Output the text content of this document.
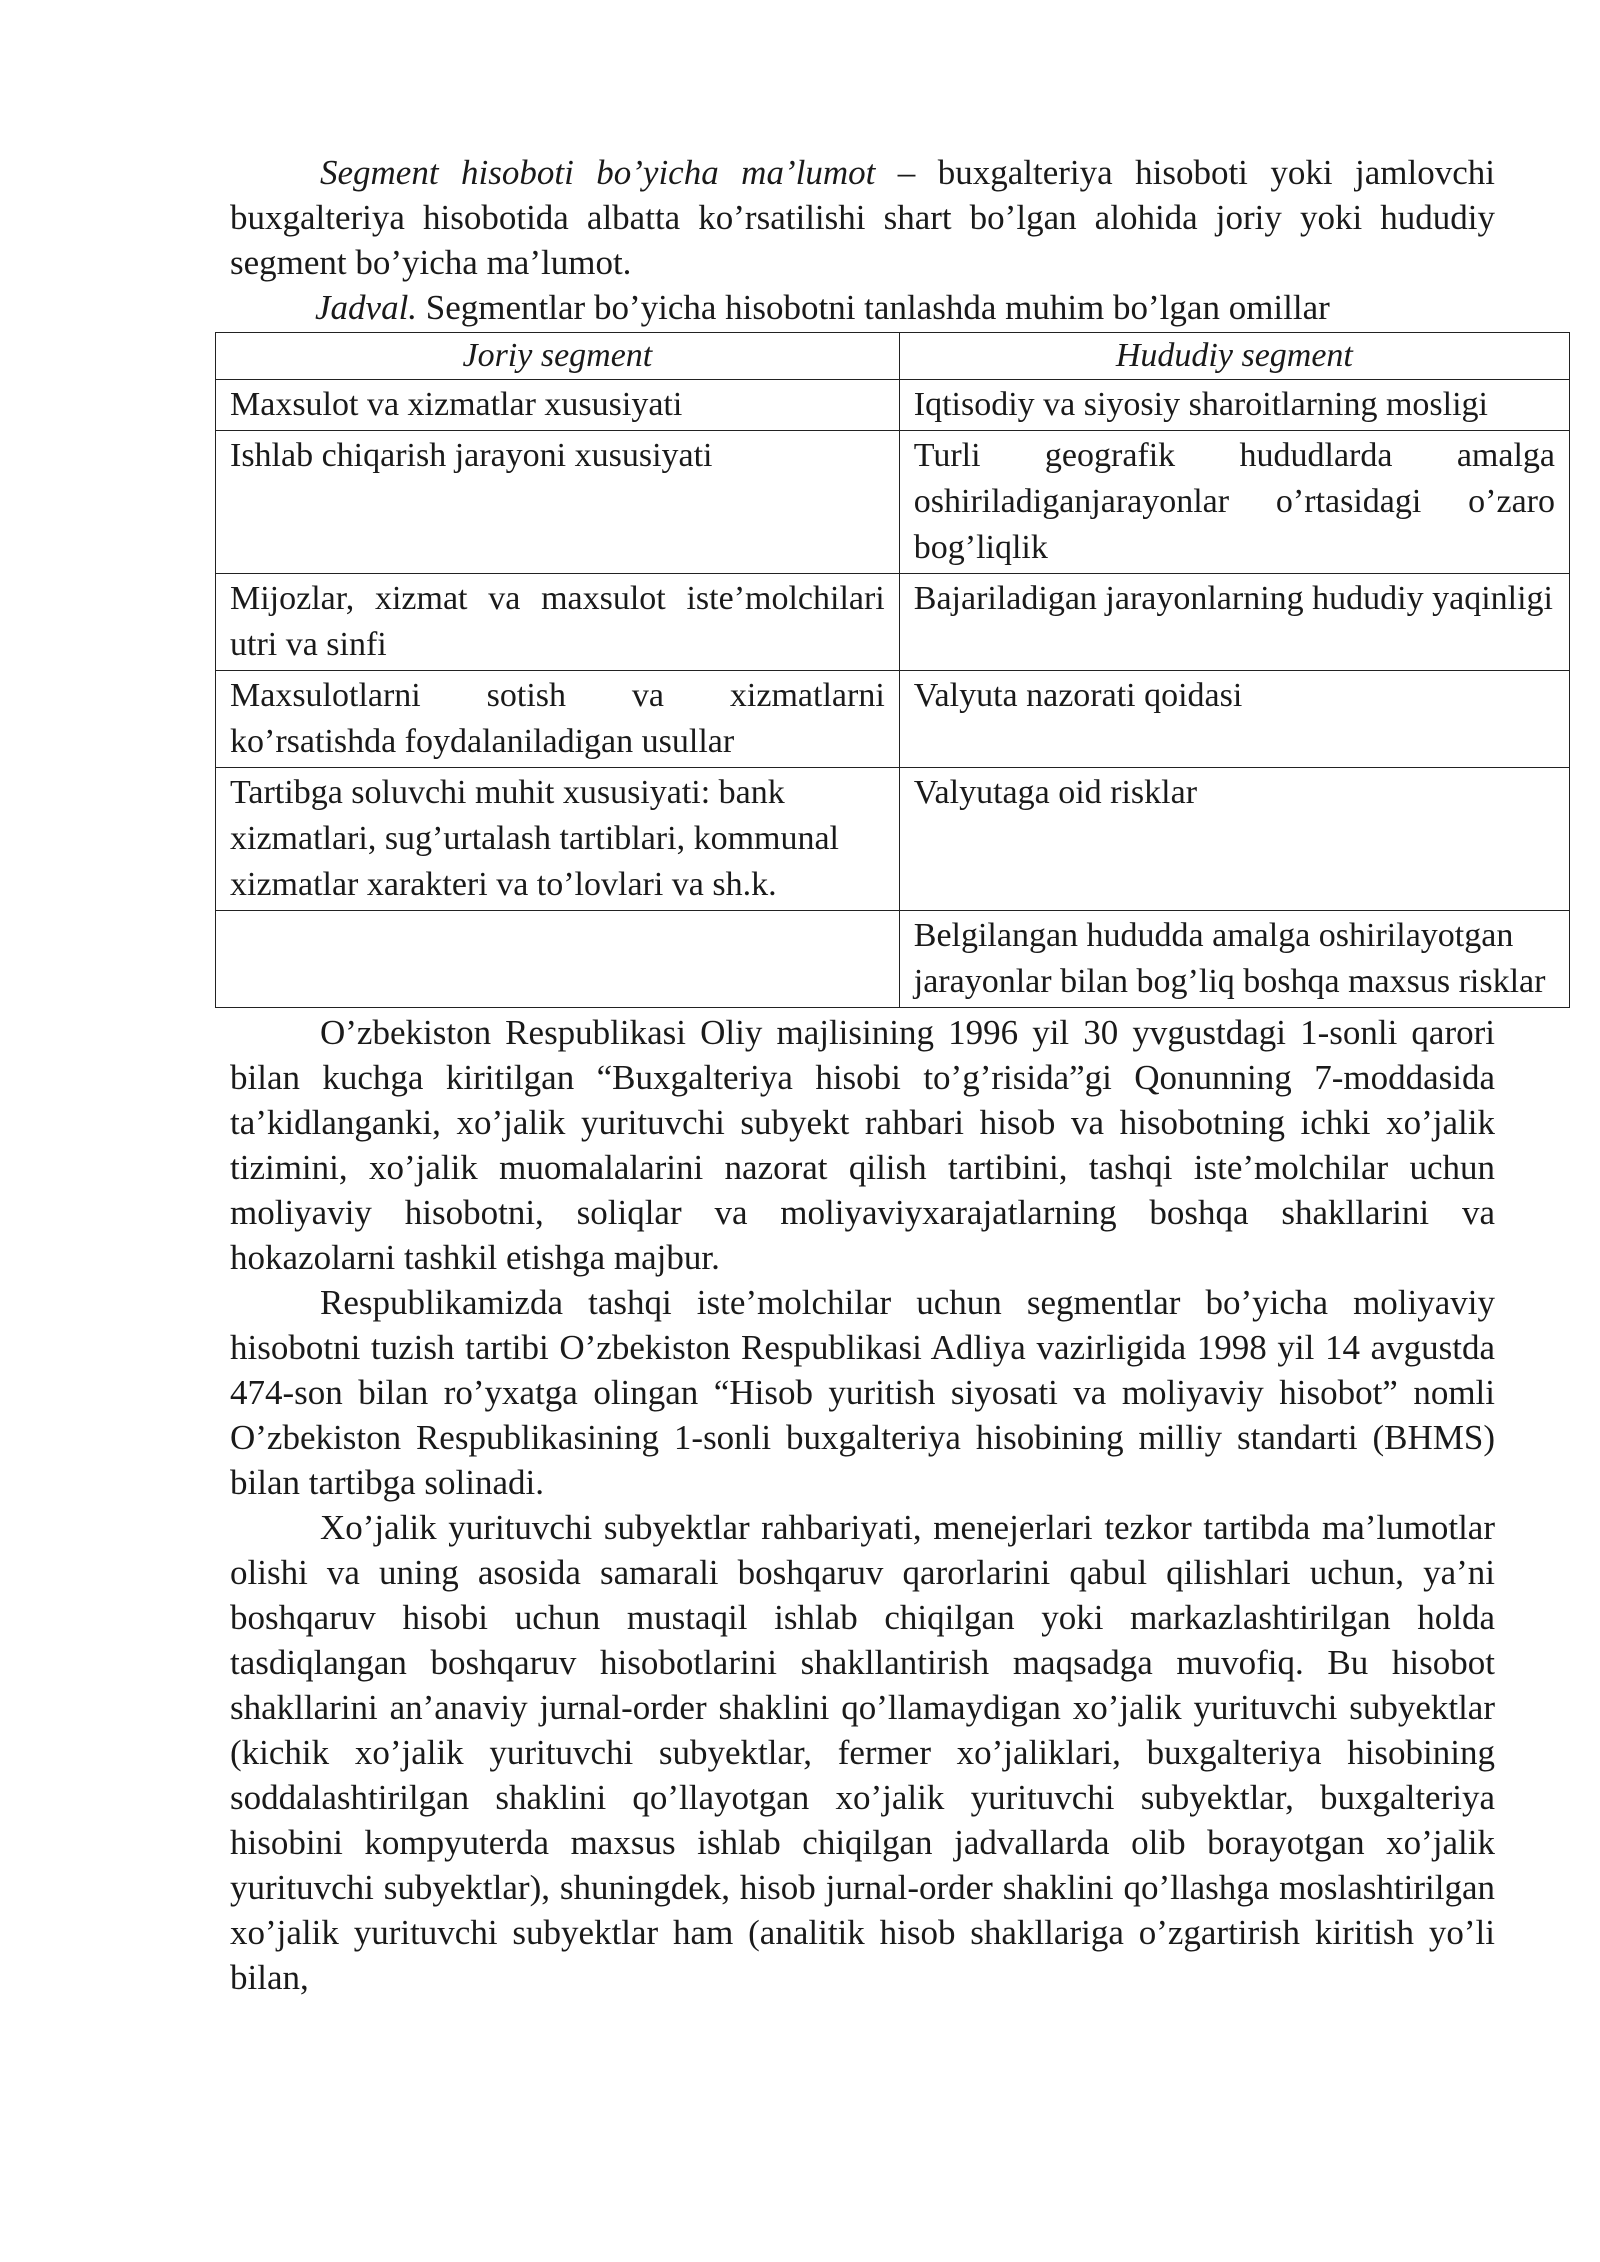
Segment hisoboti bo’yicha ma’lumot – buxgalteriya hisoboti yoki jamlovchi buxgalteriya hisobotida albatta ko’rsatilishi shart bo’lgan alohida joriy yoki hududiy segment bo’yicha ma’lumot.

Jadval. Segmentlar bo’yicha hisobotni tanlashda muhim bo’lgan omillar

Joriy segment	Hududiy segment
Maxsulot va xizmatlar xususiyati	Iqtisodiy va siyosiy sharoitlarning mosligi
Ishlab chiqarish jarayoni xususiyati	Turli geografik hududlarda amalga oshiriladiganjarayonlar o’rtasidagi o’zaro bog’liqlik
Mijozlar, xizmat va maxsulot iste’molchilari utri va sinfi	Bajariladigan jarayonlarning hududiy yaqinligi
Maxsulotlarni sotish va xizmatlarni ko’rsatishda foydalaniladigan usullar	Valyuta nazorati qoidasi
Tartibga soluvchi muhit xususiyati: bank xizmatlari, sug’urtalash tartiblari, kommunal xizmatlar xarakteri va to’lovlari va sh.k.	Valyutaga oid risklar
	Belgilangan hududda amalga oshirilayotgan jarayonlar bilan bog’liq boshqa maxsus risklar

O’zbekiston Respublikasi Oliy majlisining 1996 yil 30 yvgustdagi 1-sonli qarori bilan kuchga kiritilgan “Buxgalteriya hisobi to’g’risida”gi Qonunning 7-moddasida ta’kidlanganki, xo’jalik yurituvchi subyekt rahbari hisob va hisobotning ichki xo’jalik tizimini, xo’jalik muomalalarini nazorat qilish tartibini, tashqi iste’molchilar uchun moliyaviy hisobotni, soliqlar va moliyaviyxarajatlarning boshqa shakllarini va hokazolarni tashkil etishga majbur.

Respublikamizda tashqi iste’molchilar uchun segmentlar bo’yicha moliyaviy hisobotni tuzish tartibi O’zbekiston Respublikasi Adliya vazirligida 1998 yil 14 avgustda 474-son bilan ro’yxatga olingan “Hisob yuritish siyosati va moliyaviy hisobot” nomli O’zbekiston Respublikasining 1-sonli buxgalteriya hisobining milliy standarti (BHMS) bilan tartibga solinadi.

Xo’jalik yurituvchi subyektlar rahbariyati, menejerlari tezkor tartibda ma’lumotlar olishi va uning asosida samarali boshqaruv qarorlarini qabul qilishlari uchun, ya’ni boshqaruv hisobi uchun mustaqil ishlab chiqilgan yoki markazlashtirilgan holda tasdiqlangan boshqaruv hisobotlarini shakllantirish maqsadga muvofiq. Bu hisobot shakllarini an’anaviy jurnal-order shaklini qo’llamaydigan xo’jalik yurituvchi subyektlar (kichik xo’jalik yurituvchi subyektlar, fermer xo’jaliklari, buxgalteriya hisobining soddalashtirilgan shaklini qo’llayotgan xo’jalik yurituvchi subyektlar, buxgalteriya hisobini kompyuterda maxsus ishlab chiqilgan jadvallarda olib borayotgan xo’jalik yurituvchi subyektlar), shuningdek, hisob jurnal-order shaklini qo’llashga moslashtirilgan xo’jalik yurituvchi subyektlar ham (analitik hisob shakllariga o’zgartirish kiritish yo’li bilan,
